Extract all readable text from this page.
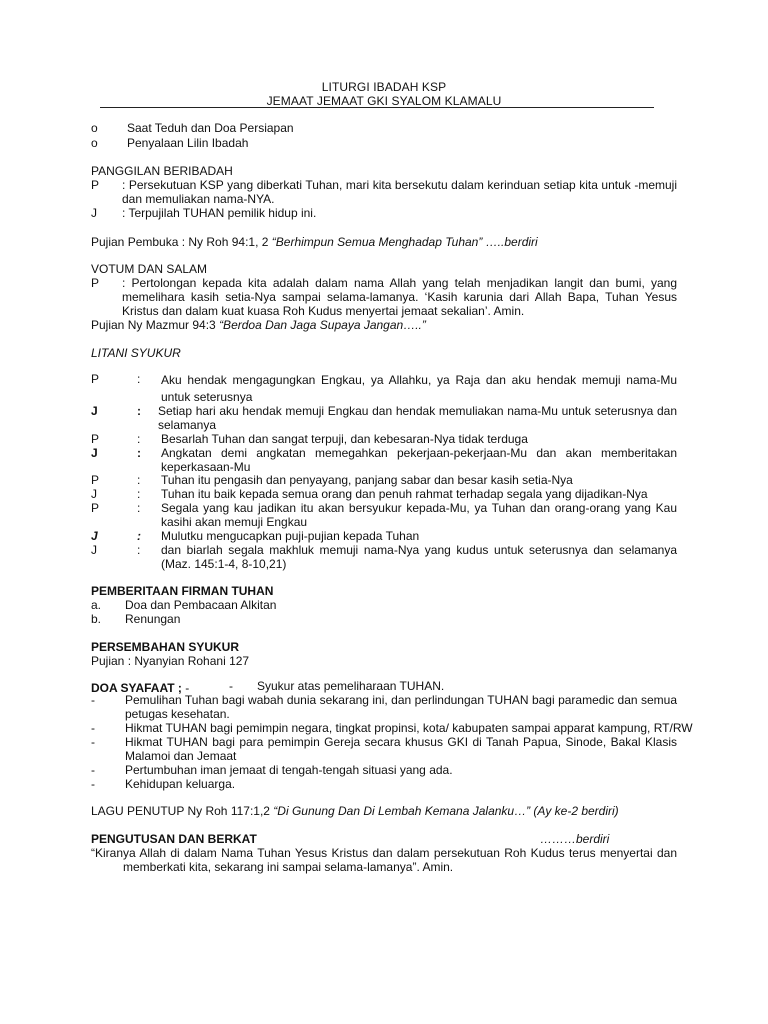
LITURGI IBADAH KSP
JEMAAT JEMAAT GKI SYALOM KLAMALU
o Saat Teduh dan Doa Persiapan
o Penyalaan Lilin Ibadah
PANGGILAN BERIBADAH
P : Persekutuan KSP yang diberkati Tuhan, mari kita bersekutu dalam kerinduan setiap kita untuk -memuji dan memuliakan nama-NYA.
J : Terpujilah TUHAN pemilik hidup ini.
Pujian Pembuka : Ny Roh 94:1, 2 “Berhimpun Semua Menghadap Tuhan” …..berdiri
VOTUM DAN SALAM
P : Pertolongan kepada kita adalah dalam nama Allah yang telah menjadikan langit dan bumi, yang memelihara kasih setia-Nya sampai selama-lamanya. ‘Kasih karunia dari Allah Bapa, Tuhan Yesus Kristus dan dalam kuat kuasa Roh Kudus menyertai jemaat sekalian’. Amin.
Pujian Ny Mazmur 94:3 “Berdoa Dan Jaga Supaya Jangan…..”
LITANI SYUKUR
P	: Aku hendak mengagungkan Engkau, ya Allahku, ya Raja dan aku hendak memuji nama-Mu untuk seterusnya
J	: Setiap hari aku hendak memuji Engkau dan hendak memuliakan nama-Mu untuk seterusnya dan selamanya
P	: Besarlah Tuhan dan sangat terpuji, dan kebesaran-Nya tidak terduga
J	: Angkatan demi angkatan memegahkan pekerjaan-pekerjaan-Mu dan akan memberitakan keperkasaan-Mu
P	: Tuhan itu pengasih dan penyayang, panjang sabar dan besar kasih setia-Nya
J	: Tuhan itu baik kepada semua orang dan penuh rahmat terhadap segala yang dijadikan-Nya
P	: Segala yang kau jadikan itu akan bersyukur kepada-Mu, ya Tuhan dan orang-orang yang Kau kasihi akan memuji Engkau
J	: Mulutku mengucapkan puji-pujian kepada Tuhan
J	: dan biarlah segala makhluk memuji nama-Nya yang kudus untuk seterusnya dan selamanya (Maz. 145:1-4, 8-10,21)
PEMBERITAAN FIRMAN TUHAN
a. Doa dan Pembacaan Alkitan
b. Renungan
PERSEMBAHAN SYUKUR
Pujian : Nyanyian Rohani 127
DOA SYAFAAT ; -	- Syukur atas pemeliharaan TUHAN.
-	Pemulihan Tuhan bagi wabah dunia sekarang ini, dan perlindungan TUHAN bagi paramedic dan semua petugas kesehatan.
-	Hikmat TUHAN bagi pemimpin negara, tingkat propinsi, kota/ kabupaten sampai apparat kampung, RT/RW
-	Hikmat TUHAN bagi para pemimpin Gereja secara khusus GKI di Tanah Papua, Sinode, Bakal Klasis Malamoi dan Jemaat
-	Pertumbuhan iman jemaat di tengah-tengah situasi yang ada.
-	Kehidupan keluarga.
LAGU PENUTUP Ny Roh 117:1,2 “Di Gunung Dan Di Lembah Kemana Jalanku…” (Ay ke-2 berdiri)
PENGUTUSAN DAN BERKAT	………berdiri
“Kiranya Allah di dalam Nama Tuhan Yesus Kristus dan dalam persekutuan Roh Kudus terus menyertai dan memberkati kita, sekarang ini sampai selama-lamanya”. Amin.
